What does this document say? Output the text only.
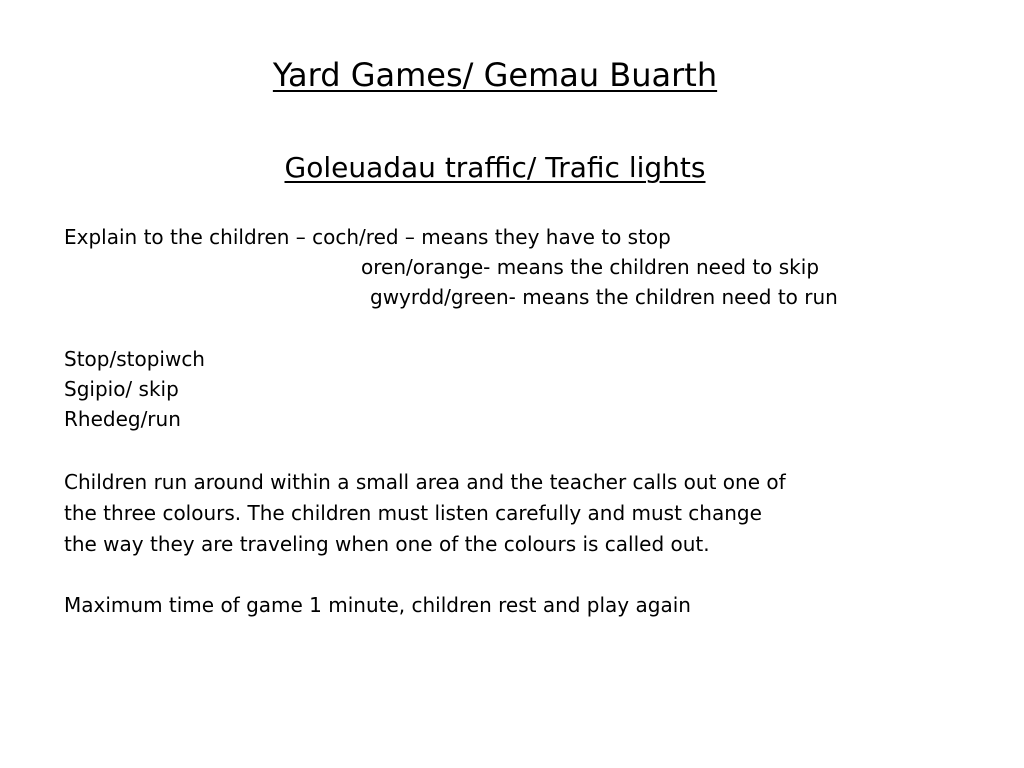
Yard Games/ Gemau Buarth
Goleuadau traffic/ Trafic lights
Explain to the children – coch/red – means they have to stop
oren/orange- means the children need to skip
gwyrdd/green- means the children need to run
Stop/stopiwch
Sgipio/ skip
Rhedeg/run
Children run around within a small area and the teacher calls out one of
the three colours. The children must listen carefully and must change
the way they are traveling when one of the colours is called out.
Maximum time of game 1 minute, children rest and play again
